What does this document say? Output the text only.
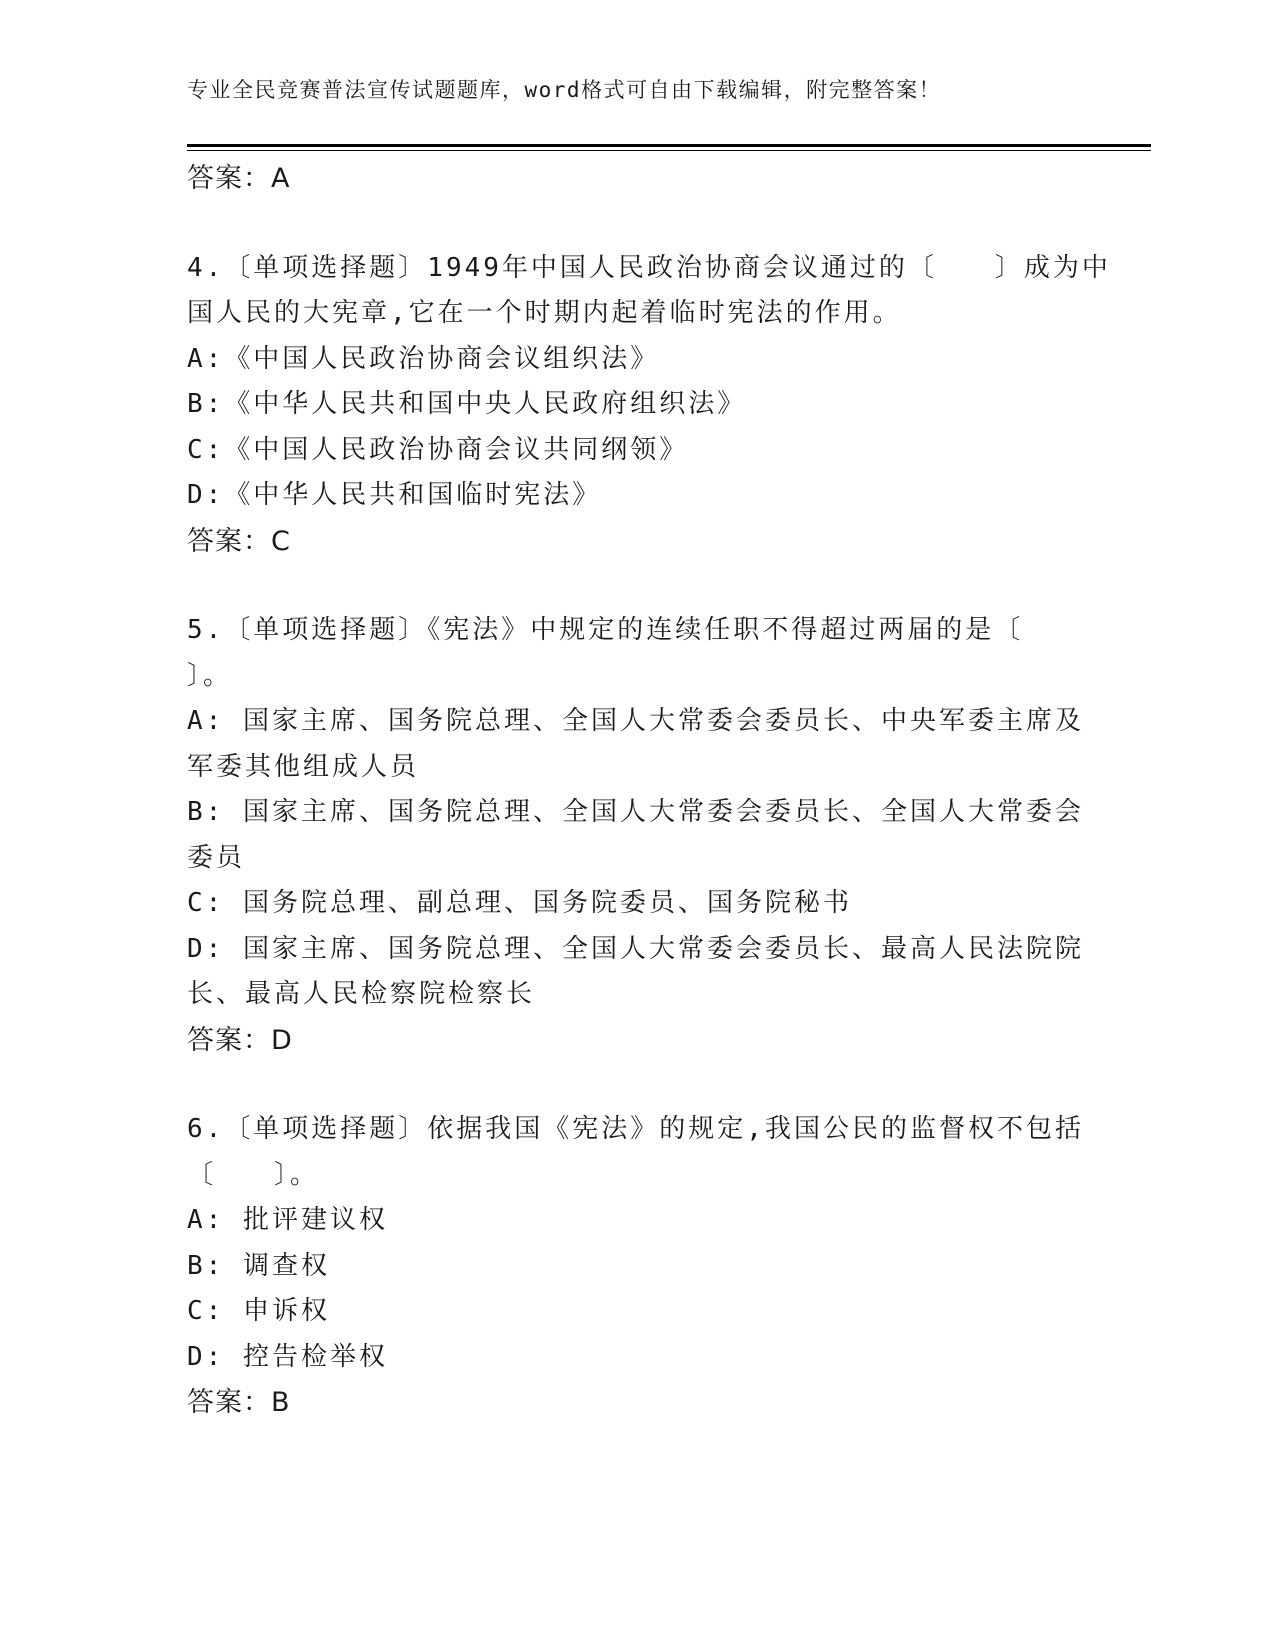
专业全民竞赛普法宣传试题题库，word格式可自由下载编辑，附完整答案！
答案：A
4.〔单项选择题〕1949年中国人民政治协商会议通过的〔　　〕成为中
国人民的大宪章,它在一个时期内起着临时宪法的作用。
A:《中国人民政治协商会议组织法》
B:《中华人民共和国中央人民政府组织法》
C:《中国人民政治协商会议共同纲领》
D:《中华人民共和国临时宪法》
答案：C
5.〔单项选择题〕《宪法》中规定的连续任职不得超过两届的是〔
〕。
A: 国家主席、国务院总理、全国人大常委会委员长、中央军委主席及
军委其他组成人员
B: 国家主席、国务院总理、全国人大常委会委员长、全国人大常委会
委员
C: 国务院总理、副总理、国务院委员、国务院秘书
D: 国家主席、国务院总理、全国人大常委会委员长、最高人民法院院
长、最高人民检察院检察长
答案：D
6.〔单项选择题〕依据我国《宪法》的规定,我国公民的监督权不包括
〔　　〕。
A: 批评建议权
B: 调查权
C: 申诉权
D: 控告检举权
答案：B
